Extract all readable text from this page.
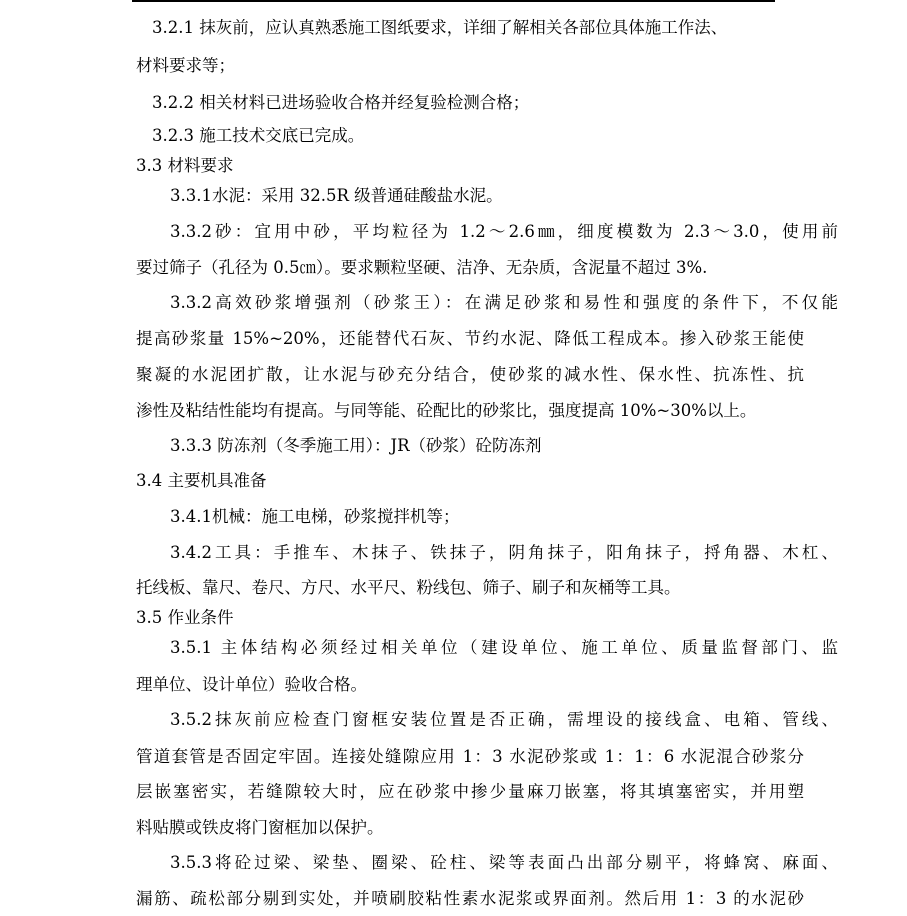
3.2.1 抹灰前，应认真熟悉施工图纸要求，详细了解相关各部位具体施工作法、
材料要求等；
3.2.2 相关材料已进场验收合格并经复验检测合格；
3.2.3 施工技术交底已完成。
3.3 材料要求
3.3.1水泥：采用 32.5R 级普通硅酸盐水泥。
3.3.2砂：宜用中砂，平均粒径为 1.2～2.6㎜，细度模数为 2.3～3.0，使用前
要过筛子（孔径为 0.5㎝）。要求颗粒坚硬、洁净、无杂质，含泥量不超过 3%.
3.3.2高效砂浆增强剂（砂浆王）：在满足砂浆和易性和强度的条件下，不仅能
提高砂浆量 15%~20%，还能替代石灰、节约水泥、降低工程成本。掺入砂浆王能使
聚凝的水泥团扩散，让水泥与砂充分结合，使砂浆的减水性、保水性、抗冻性、抗
渗性及粘结性能均有提高。与同等能、砼配比的砂浆比，强度提高 10%~30%以上。
3.3.3 防冻剂（冬季施工用）：JR（砂浆）砼防冻剂
3.4 主要机具准备
3.4.1机械：施工电梯，砂浆搅拌机等；
3.4.2工具：手推车、木抹子、铁抹子，阴角抹子，阳角抹子，捋角器、木杠、
托线板、靠尺、卷尺、方尺、水平尺、粉线包、筛子、刷子和灰桶等工具。
3.5 作业条件
3.5.1 主体结构必须经过相关单位（建设单位、施工单位、质量监督部门、监
理单位、设计单位）验收合格。
3.5.2抹灰前应检查门窗框安装位置是否正确，需埋设的接线盒、电箱、管线、
管道套管是否固定牢固。连接处缝隙应用 1：3 水泥砂浆或 1：1：6 水泥混合砂浆分
层嵌塞密实，若缝隙较大时，应在砂浆中掺少量麻刀嵌塞，将其填塞密实，并用塑
料贴膜或铁皮将门窗框加以保护。
3.5.3将砼过梁、梁垫、圈梁、砼柱、梁等表面凸出部分剔平，将蜂窝、麻面、
漏筋、疏松部分剔到实处，并喷刷胶粘性素水泥浆或界面剂。然后用 1：3 的水泥砂
